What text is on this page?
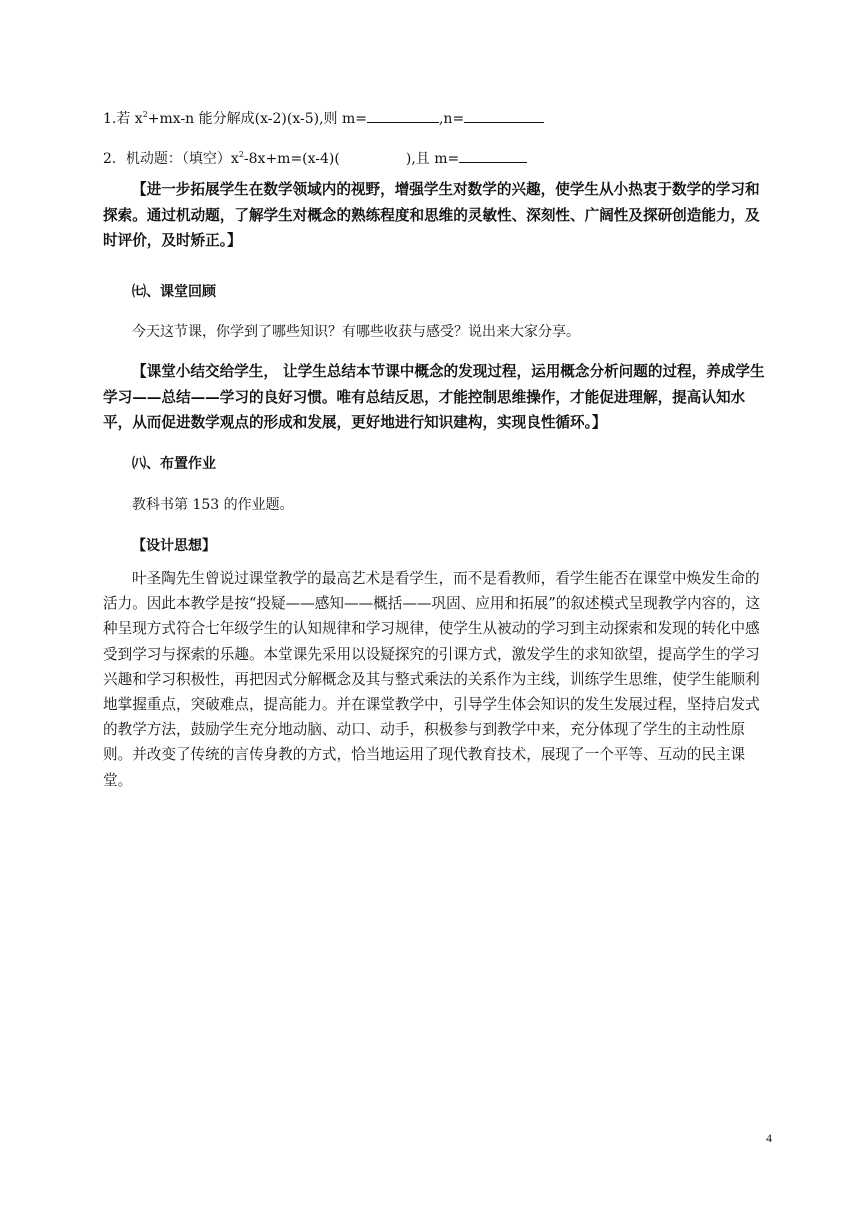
1.若 $x^2+mx-n$ 能分解成(x-2)(x-5),则 m=	,n=
2．机动题：（填空）$x^2-8x+m=(x-4)$(	),且 m=
【进一步拓展学生在数学领域内的视野，增强学生对数学的兴趣，使学生从小热衷于数学的学习和探索。通过机动题，了解学生对概念的熟练程度和思维的灵敏性、深刻性、广阔性及探研创造能力，及时评价，及时矫正。】
㈦、课堂回顾
今天这节课，你学到了哪些知识？有哪些收获与感受？说出来大家分享。
【课堂小结交给学生， 让学生总结本节课中概念的发现过程，运用概念分析问题的过程，养成学生学习——总结——学习的良好习惯。唯有总结反思，才能控制思维操作，才能促进理解，提高认知水平，从而促进数学观点的形成和发展，更好地进行知识建构，实现良性循环。】
㈧、布置作业
教科书第 153 的作业题。
【设计思想】
叶圣陶先生曾说过课堂教学的最高艺术是看学生，而不是看教师，看学生能否在课堂中焕发生命的活力。因此本教学是按“投疑——感知——概括——巩固、应用和拓展”的叙述模式呈现教学内容的，这种呈现方式符合七年级学生的认知规律和学习规律，使学生从被动的学习到主动探索和发现的转化中感受到学习与探索的乐趣。本堂课先采用以设疑探究的引课方式，激发学生的求知欲望，提高学生的学习兴趣和学习积极性，再把因式分解概念及其与整式乘法的关系作为主线，训练学生思维，使学生能顺利地掌握重点，突破难点，提高能力。并在课堂教学中，引导学生体会知识的发生发展过程，坚持启发式的教学方法，鼓励学生充分地动脑、动口、动手，积极参与到教学中来，充分体现了学生的主动性原则。并改变了传统的言传身教的方式，恰当地运用了现代教育技术，展现了一个平等、互动的民主课堂。
4
